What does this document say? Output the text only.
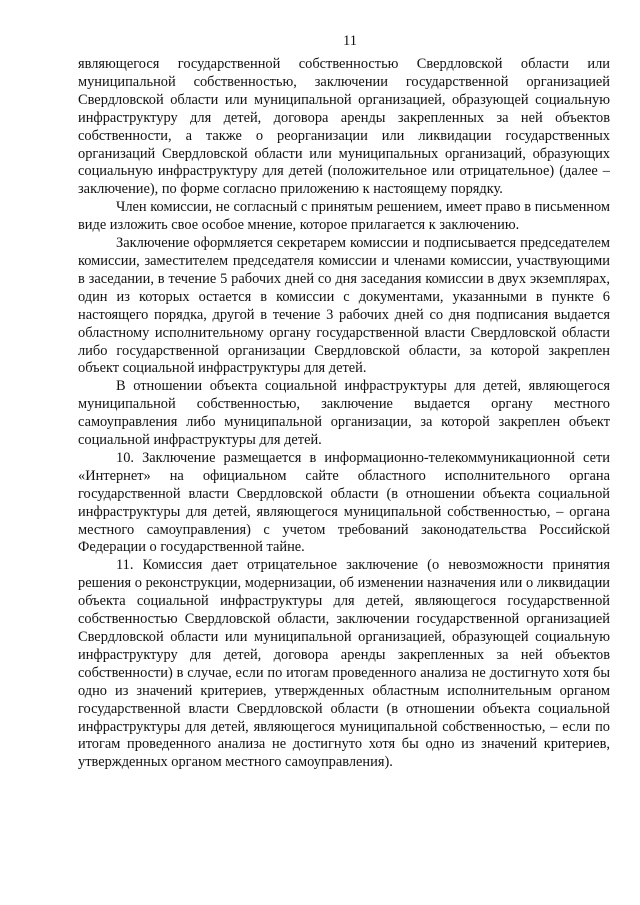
11

являющегося государственной собственностью Свердловской области или муниципальной собственностью, заключении государственной организацией Свердловской области или муниципальной организацией, образующей социальную инфраструктуру для детей, договора аренды закрепленных за ней объектов собственности, а также о реорганизации или ликвидации государственных организаций Свердловской области или муниципальных организаций, образующих социальную инфраструктуру для детей (положительное или отрицательное) (далее – заключение), по форме согласно приложению к настоящему порядку.

Член комиссии, не согласный с принятым решением, имеет право в письменном виде изложить свое особое мнение, которое прилагается к заключению.

Заключение оформляется секретарем комиссии и подписывается председателем комиссии, заместителем председателя комиссии и членами комиссии, участвующими в заседании, в течение 5 рабочих дней со дня заседания комиссии в двух экземплярах, один из которых остается в комиссии с документами, указанными в пункте 6 настоящего порядка, другой в течение 3 рабочих дней со дня подписания выдается областному исполнительному органу государственной власти Свердловской области либо государственной организации Свердловской области, за которой закреплен объект социальной инфраструктуры для детей.

В отношении объекта социальной инфраструктуры для детей, являющегося муниципальной собственностью, заключение выдается органу местного самоуправления либо муниципальной организации, за которой закреплен объект социальной инфраструктуры для детей.

10. Заключение размещается в информационно-телекоммуникационной сети «Интернет» на официальном сайте областного исполнительного органа государственной власти Свердловской области (в отношении объекта социальной инфраструктуры для детей, являющегося муниципальной собственностью, – органа местного самоуправления) с учетом требований законодательства Российской Федерации о государственной тайне.

11. Комиссия дает отрицательное заключение (о невозможности принятия решения о реконструкции, модернизации, об изменении назначения или о ликвидации объекта социальной инфраструктуры для детей, являющегося государственной собственностью Свердловской области, заключении государственной организацией Свердловской области или муниципальной организацией, образующей социальную инфраструктуру для детей, договора аренды закрепленных за ней объектов собственности) в случае, если по итогам проведенного анализа не достигнуто хотя бы одно из значений критериев, утвержденных областным исполнительным органом государственной власти Свердловской области (в отношении объекта социальной инфраструктуры для детей, являющегося муниципальной собственностью, – если по итогам проведенного анализа не достигнуто хотя бы одно из значений критериев, утвержденных органом местного самоуправления).
